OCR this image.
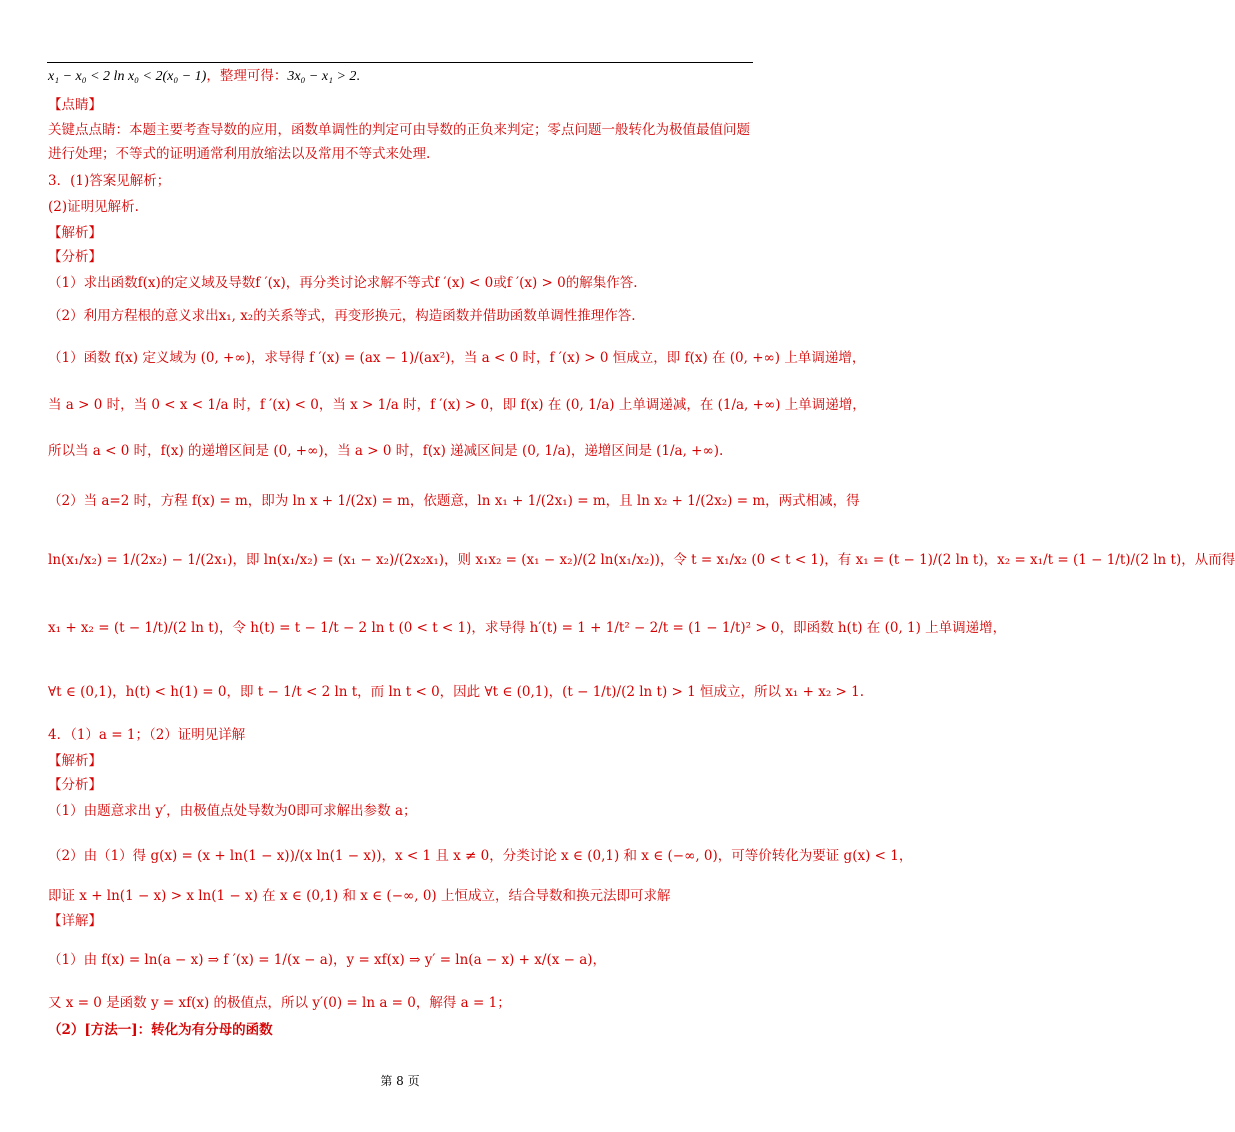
x₁ − x₀ < 2 ln x₀ < 2(x₀ − 1)，整理可得：3x₀ − x₁ > 2.
【点睛】
关键点点睛：本题主要考查导数的应用，函数单调性的判定可由导数的正负来判定；零点问题一般转化为极值最值问题进行处理；不等式的证明通常利用放缩法以及常用不等式来处理.
3．(1)答案见解析；
(2)证明见解析.
【解析】
【分析】
（1）求出函数f(x)的定义域及导数f ′(x)，再分类讨论求解不等式f ′(x) < 0或f ′(x) > 0的解集作答.
（2）利用方程根的意义求出x₁, x₂的关系等式，再变形换元，构造函数并借助函数单调性推理作答.
（1）函数 f(x) 定义域为 (0, +∞)，求导得 f ′(x) = (ax − 1)/(ax²)，当 a < 0 时，f ′(x) > 0 恒成立，即 f(x) 在 (0, +∞) 上单调递增，
当 a > 0 时，当 0 < x < 1/a 时，f ′(x) < 0，当 x > 1/a 时，f ′(x) > 0，即 f(x) 在 (0, 1/a) 上单调递减，在 (1/a, +∞) 上单调递增，
所以当 a < 0 时，f(x) 的递增区间是 (0, +∞)，当 a > 0 时，f(x) 递减区间是 (0, 1/a)，递增区间是 (1/a, +∞).
（2）当 a=2 时，方程 f(x) = m，即为 ln x + 1/(2x) = m，依题意，ln x₁ + 1/(2x₁) = m，且 ln x₂ + 1/(2x₂) = m，两式相减，得
ln(x₁/x₂) = 1/(2x₂) − 1/(2x₁)，即 ln(x₁/x₂) = (x₁ − x₂)/(2x₂x₁)，则 x₁x₂ = (x₁ − x₂)/(2 ln(x₁/x₂))，令 t = x₁/x₂ (0 < t < 1)，有 x₁ = (t − 1)/(2 ln t)，x₂ = x₁/t = (1 − 1/t)/(2 ln t)，从而得
x₁ + x₂ = (t − 1/t)/(2 ln t)，令 h(t) = t − 1/t − 2 ln t (0 < t < 1)，求导得 h′(t) = 1 + 1/t² − 2/t = (1 − 1/t)² > 0，即函数 h(t) 在 (0, 1) 上单调递增，
∀t ∈ (0,1)，h(t) < h(1) = 0，即 t − 1/t < 2 ln t，而 ln t < 0，因此 ∀t ∈ (0,1)，(t − 1/t)/(2 ln t) > 1 恒成立，所以 x₁ + x₂ > 1.
4．（1）a = 1；（2）证明见详解
【解析】
【分析】
（1）由题意求出 y′，由极值点处导数为0即可求解出参数 a；
（2）由（1）得 g(x) = (x + ln(1 − x))/(x ln(1 − x))，x < 1 且 x ≠ 0，分类讨论 x ∈ (0,1) 和 x ∈ (−∞, 0)，可等价转化为要证 g(x) < 1，
即证 x + ln(1 − x) > x ln(1 − x) 在 x ∈ (0,1) 和 x ∈ (−∞, 0) 上恒成立，结合导数和换元法即可求解
【详解】
（1）由 f(x) = ln(a − x) ⇒ f ′(x) = 1/(x − a)，y = xf(x) ⇒ y′ = ln(a − x) + x/(x − a)，
又 x = 0 是函数 y = xf(x) 的极值点，所以 y′(0) = ln a = 0，解得 a = 1；
（2）[方法一]：转化为有分母的函数
第 8 页
